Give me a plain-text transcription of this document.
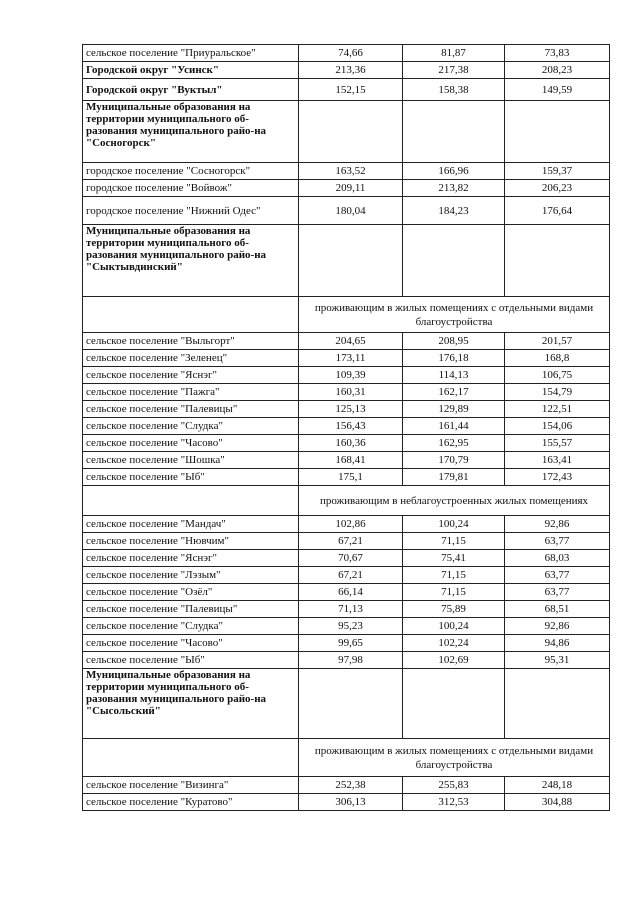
сельское поселение "Приуральское"	74,66	81,87	73,83
Городской округ "Усинск"	213,36	217,38	208,23
Городской округ "Вуктыл"	152,15	158,38	149,59
Муниципальные образования на территории муниципального об-разования муниципального райо-на "Сосногорск"			
городское поселение "Сосногорск"	163,52	166,96	159,37
городское поселение "Войвож"	209,11	213,82	206,23
городское поселение "Нижний Одес"	180,04	184,23	176,64
Муниципальные образования на территории муниципального об-разования муниципального райо-на "Сыктывдинский"			
	проживающим в жилых помещениях с отдельными видами благоустройства		
сельское поселение "Выльгорт"	204,65	208,95	201,57
сельское поселение "Зеленец"	173,11	176,18	168,8
сельское поселение "Яснэг"	109,39	114,13	106,75
сельское поселение "Пажга"	160,31	162,17	154,79
сельское поселение "Палевицы"	125,13	129,89	122,51
сельское поселение "Слудка"	156,43	161,44	154,06
сельское поселение "Часово"	160,36	162,95	155,57
сельское поселение "Шошка"	168,41	170,79	163,41
сельское поселение "Ыб"	175,1	179,81	172,43
	проживающим в неблагоустроенных жилых помещениях		
сельское поселение "Мандач"	102,86	100,24	92,86
сельское поселение "Нювчим"	67,21	71,15	63,77
сельское поселение "Яснэг"	70,67	75,41	68,03
сельское поселение "Лэзым"	67,21	71,15	63,77
сельское поселение "Озёл"	66,14	71,15	63,77
сельское поселение "Палевицы"	71,13	75,89	68,51
сельское поселение "Слудка"	95,23	100,24	92,86
сельское поселение "Часово"	99,65	102,24	94,86
сельское поселение "Ыб"	97,98	102,69	95,31
Муниципальные образования на территории муниципального об-разования муниципального райо-на "Сысольский"			
	проживающим в жилых помещениях с отдельными видами благоустройства		
сельское поселение "Визинга"	252,38	255,83	248,18
сельское поселение "Куратово"	306,13	312,53	304,88
